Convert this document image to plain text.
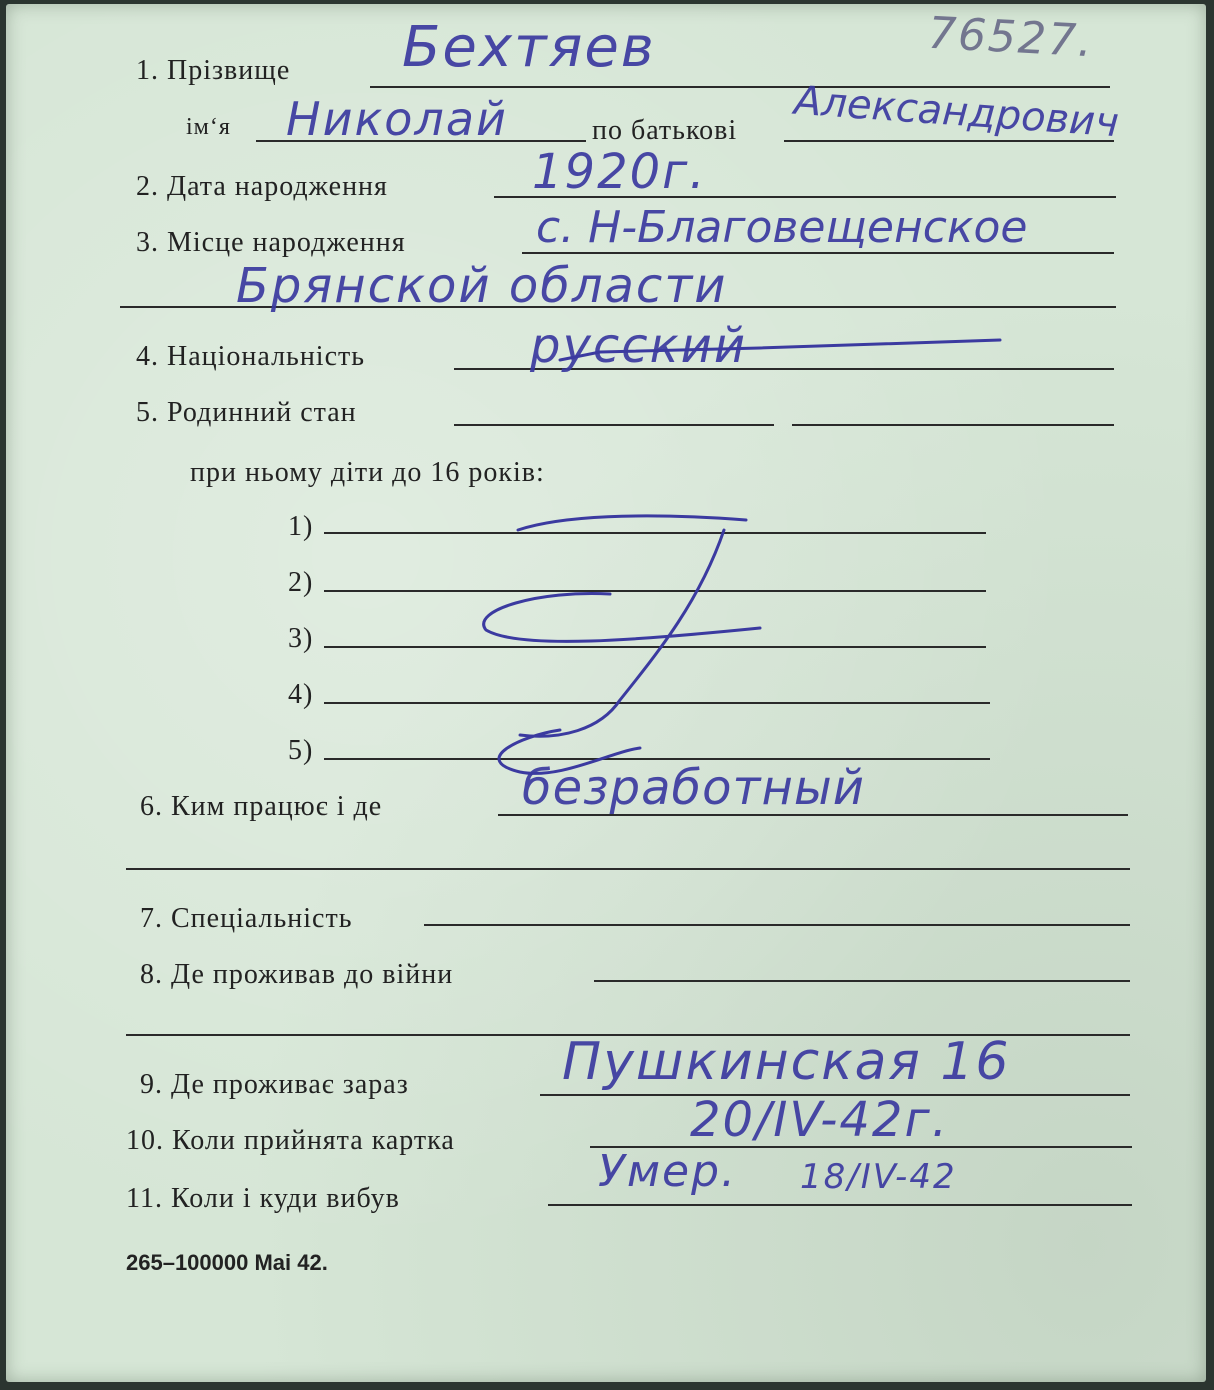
1. Прізвище
ім‘я	по батькові
2. Дата народження
3. Місце народження
4. Національність
5. Родинний стан
при ньому діти до 16 років:
1)
2)
3)
4)
5)
6. Ким працює і де
7. Спеціальність
8. Де проживав до війни
9. Де проживає зараз
10. Коли прийнята картка
11. Коли і куди вибув
265–100000 Mai 42.
76527.
Бехтяев
Николай	Александрович
1920г.
с. Н-Благовещенское
Брянской области
русский
безработный
Пушкинская 16
20/IV-42г.
Умер. 18/IV-42
